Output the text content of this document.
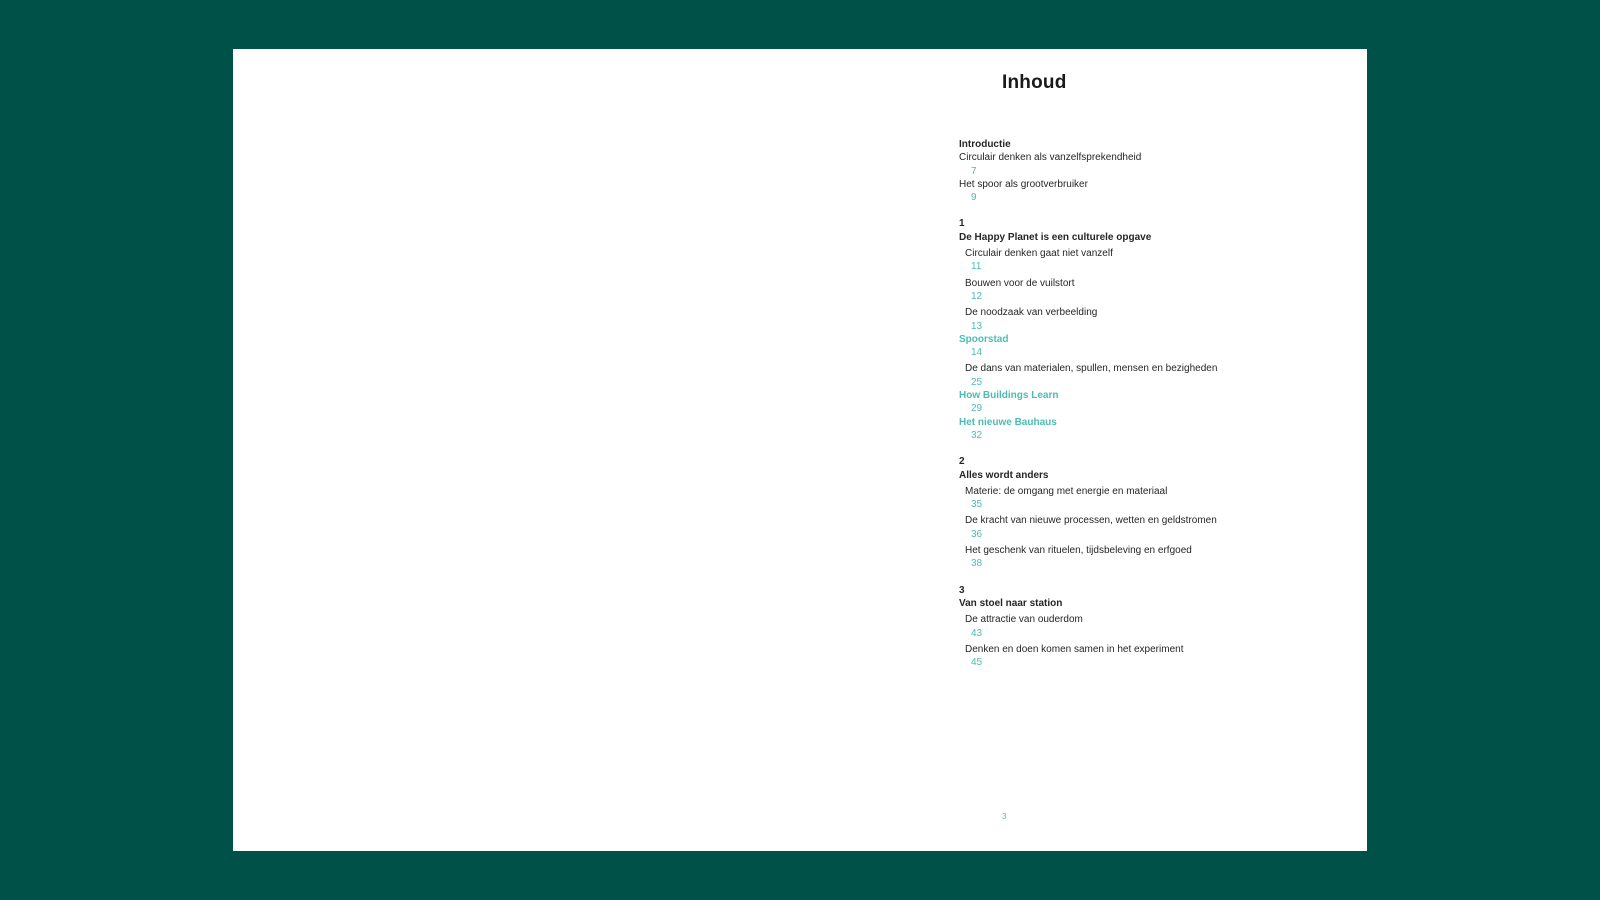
Inhoud
Introductie
Circulair denken als vanzelfsprekendheid
7
Het spoor als grootverbruiker
9
1
De Happy Planet is een culturele opgave
Circulair denken gaat niet vanzelf
11
Bouwen voor de vuilstort
12
De noodzaak van verbeelding
13
Spoorstad
14
De dans van materialen, spullen, mensen en bezigheden
25
How Buildings Learn
29
Het nieuwe Bauhaus
32
2
Alles wordt anders
Materie: de omgang met energie en materiaal
35
De kracht van nieuwe processen, wetten en geldstromen
36
Het geschenk van rituelen, tijdsbeleving en erfgoed
38
3
Van stoel naar station
De attractie van ouderdom
43
Denken en doen komen samen in het experiment
45
3
